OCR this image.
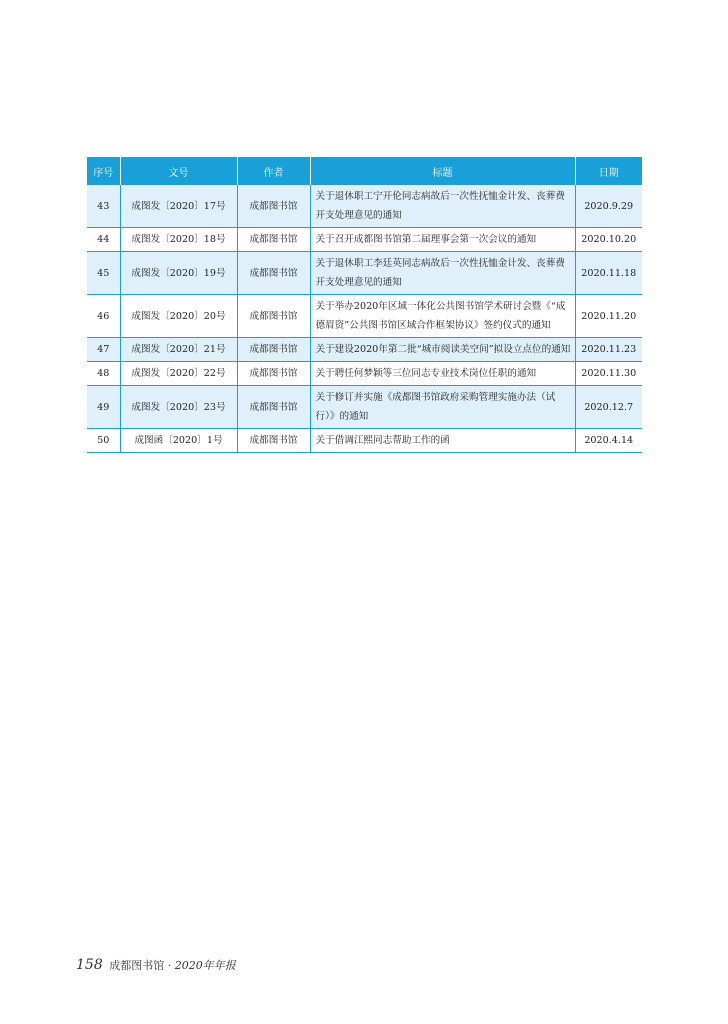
序号	文号	作者	标题	日期
43	成图发〔2020〕17号	成都图书馆	关于退休职工宁开伦同志病故后一次性抚恤金计发、丧葬费开支处理意见的通知	2020.9.29
44	成图发〔2020〕18号	成都图书馆	关于召开成都图书馆第二届理事会第一次会议的通知	2020.10.20
45	成图发〔2020〕19号	成都图书馆	关于退休职工李廷英同志病故后一次性抚恤金计发、丧葬费开支处理意见的通知	2020.11.18
46	成图发〔2020〕20号	成都图书馆	关于举办2020年区域一体化公共图书馆学术研讨会暨《“成德眉资”公共图书馆区域合作框架协议》签约仪式的通知	2020.11.20
47	成图发〔2020〕21号	成都图书馆	关于建设2020年第二批“城市阅读美空间”拟设立点位的通知	2020.11.23
48	成图发〔2020〕22号	成都图书馆	关于聘任何梦颖等三位同志专业技术岗位任职的通知	2020.11.30
49	成图发〔2020〕23号	成都图书馆	关于修订并实施《成都图书馆政府采购管理实施办法（试行）》的通知	2020.12.7
50	成图函〔2020〕1号	成都图书馆	关于借调江熙同志帮助工作的函	2020.4.14
158 成都图书馆 · 2020年年报
